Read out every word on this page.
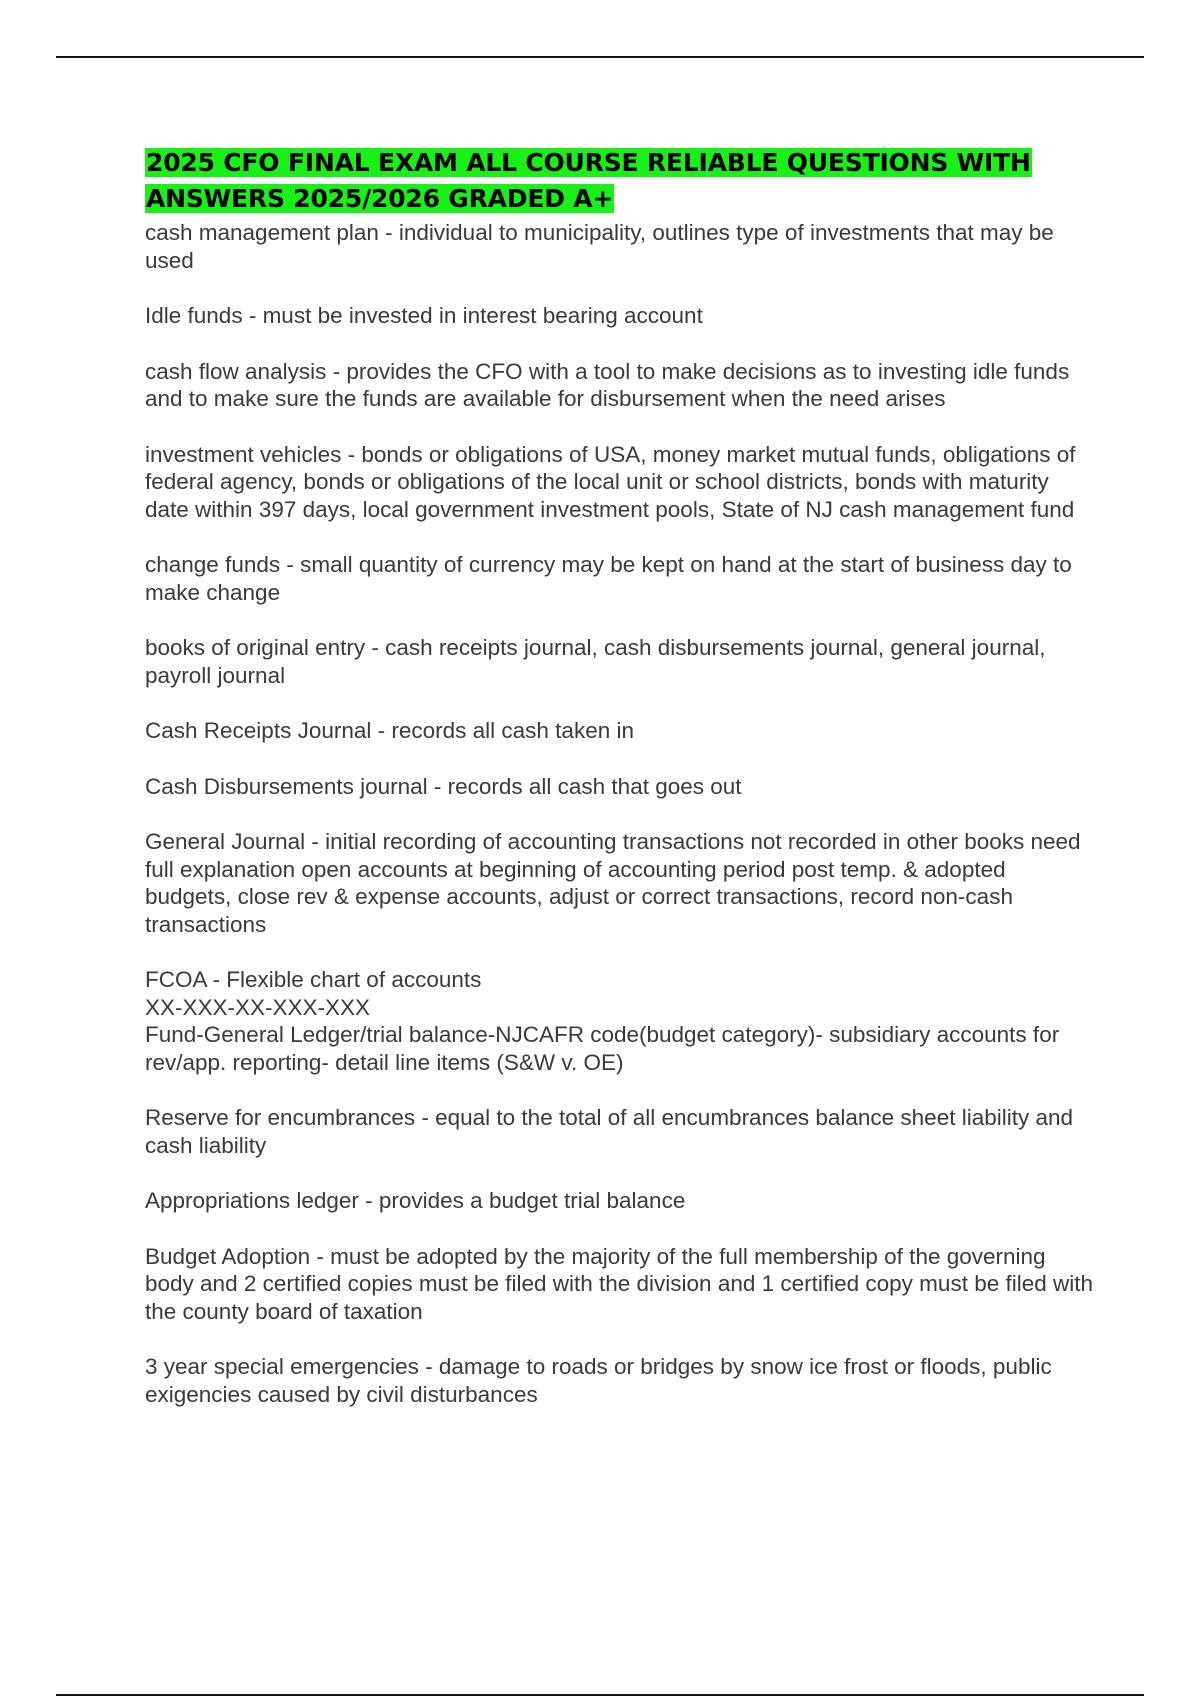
2025 CFO FINAL EXAM ALL COURSE RELIABLE QUESTIONS WITH
ANSWERS 2025/2026 GRADED A+

cash management plan - individual to municipality, outlines type of investments that may be used

Idle funds - must be invested in interest bearing account

cash flow analysis - provides the CFO with a tool to make decisions as to investing idle funds and to make sure the funds are available for disbursement when the need arises

investment vehicles - bonds or obligations of USA, money market mutual funds, obligations of federal agency, bonds or obligations of the local unit or school districts, bonds with maturity date within 397 days, local government investment pools, State of NJ cash management fund

change funds - small quantity of currency may be kept on hand at the start of business day to make change

books of original entry - cash receipts journal, cash disbursements journal, general journal, payroll journal

Cash Receipts Journal - records all cash taken in

Cash Disbursements journal - records all cash that goes out

General Journal - initial recording of accounting transactions not recorded in other books need full explanation open accounts at beginning of accounting period post temp. & adopted budgets, close rev & expense accounts, adjust or correct transactions, record non-cash transactions

FCOA - Flexible chart of accounts
XX-XXX-XX-XXX-XXX
Fund-General Ledger/trial balance-NJCAFR code(budget category)- subsidiary accounts for rev/app. reporting- detail line items (S&W v. OE)

Reserve for encumbrances - equal to the total of all encumbrances balance sheet liability and cash liability

Appropriations ledger - provides a budget trial balance

Budget Adoption - must be adopted by the majority of the full membership of the governing body and 2 certified copies must be filed with the division and 1 certified copy must be filed with the county board of taxation

3 year special emergencies - damage to roads or bridges by snow ice frost or floods, public exigencies caused by civil disturbances
